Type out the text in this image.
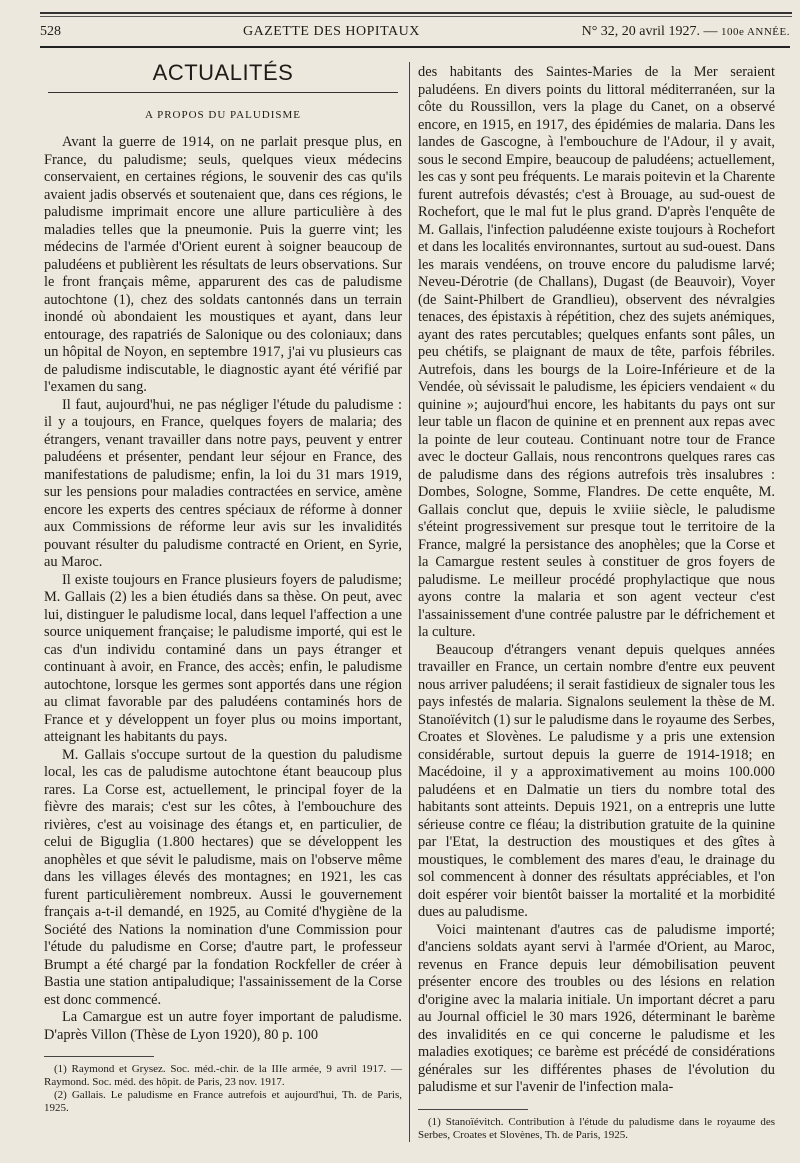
528	GAZETTE DES HOPITAUX	N° 32, 20 avril 1927. — 100e ANNÉE.
ACTUALITÉS
A PROPOS DU PALUDISME

Avant la guerre de 1914, on ne parlait presque plus, en France, du paludisme; seuls, quelques vieux médecins conservaient, en certaines régions, le souvenir des cas qu'ils avaient jadis observés et soutenaient que, dans ces régions, le paludisme imprimait encore une allure particulière à des maladies telles que la pneumonie. Puis la guerre vint; les médecins de l'armée d'Orient eurent à soigner beaucoup de paludéens et publièrent les résultats de leurs observations. Sur le front français même, apparurent des cas de paludisme autochtone (1), chez des soldats cantonnés dans un terrain inondé où abondaient les moustiques et ayant, dans leur entourage, des rapatriés de Salonique ou des coloniaux; dans un hôpital de Noyon, en septembre 1917, j'ai vu plusieurs cas de paludisme indiscutable, le diagnostic ayant été vérifié par l'examen du sang.

Il faut, aujourd'hui, ne pas négliger l'étude du paludisme : il y a toujours, en France, quelques foyers de malaria; des étrangers, venant travailler dans notre pays, peuvent y entrer paludéens et présenter, pendant leur séjour en France, des manifestations de paludisme; enfin, la loi du 31 mars 1919, sur les pensions pour maladies contractées en service, amène encore les experts des centres spéciaux de réforme à donner aux Commissions de réforme leur avis sur les invalidités pouvant résulter du paludisme contracté en Orient, en Syrie, au Maroc.

Il existe toujours en France plusieurs foyers de paludisme; M. Gallais (2) les a bien étudiés dans sa thèse. On peut, avec lui, distinguer le paludisme local, dans lequel l'affection a une source uniquement française; le paludisme importé, qui est le cas d'un individu contaminé dans un pays étranger et continuant à avoir, en France, des accès; enfin, le paludisme autochtone, lorsque les germes sont apportés dans une région au climat favorable par des paludéens contaminés hors de France et y développent un foyer plus ou moins important, atteignant les habitants du pays.

M. Gallais s'occupe surtout de la question du paludisme local, les cas de paludisme autochtone étant beaucoup plus rares. La Corse est, actuellement, le principal foyer de la fièvre des marais; c'est sur les côtes, à l'embouchure des rivières, c'est au voisinage des étangs et, en particulier, de celui de Biguglia (1.800 hectares) que se développent les anophèles et que sévit le paludisme, mais on l'observe même dans les villages élevés des montagnes; en 1921, les cas furent particulièrement nombreux. Aussi le gouvernement français a-t-il demandé, en 1925, au Comité d'hygiène de la Société des Nations la nomination d'une Commission pour l'étude du paludisme en Corse; d'autre part, le professeur Brumpt a été chargé par la fondation Rockfeller de créer à Bastia une station antipaludique; l'assainissement de la Corse est donc commencé.

La Camargue est un autre foyer important de paludisme. D'après Villon (Thèse de Lyon 1920), 80 p. 100

(1) Raymond et Grysez. Soc. méd.-chir. de la IIIe armée, 9 avril 1917. — Raymond. Soc. méd. des hôpit. de Paris, 23 nov. 1917.

(2) Gallais. Le paludisme en France autrefois et aujourd'hui, Th. de Paris, 1925.

des habitants des Saintes-Maries de la Mer seraient paludéens. En divers points du littoral méditerranéen, sur la côte du Roussillon, vers la plage du Canet, on a observé encore, en 1915, en 1917, des épidémies de malaria. Dans les landes de Gascogne, à l'embouchure de l'Adour, il y avait, sous le second Empire, beaucoup de paludéens; actuellement, les cas y sont peu fréquents. Le marais poitevin et la Charente furent autrefois dévastés; c'est à Brouage, au sud-ouest de Rochefort, que le mal fut le plus grand. D'après l'enquête de M. Gallais, l'infection paludéenne existe toujours à Rochefort et dans les localités environnantes, surtout au sud-ouest. Dans les marais vendéens, on trouve encore du paludisme larvé; Neveu-Dérotrie (de Challans), Dugast (de Beauvoir), Voyer (de Saint-Philbert de Grandlieu), observent des névralgies tenaces, des épistaxis à répétition, chez des sujets anémiques, ayant des rates percutables; quelques enfants sont pâles, un peu chétifs, se plaignant de maux de tête, parfois fébriles. Autrefois, dans les bourgs de la Loire-Inférieure et de la Vendée, où sévissait le paludisme, les épiciers vendaient « du quinine »; aujourd'hui encore, les habitants du pays ont sur leur table un flacon de quinine et en prennent aux repas avec la pointe de leur couteau. Continuant notre tour de France avec le docteur Gallais, nous rencontrons quelques rares cas de paludisme dans des régions autrefois très insalubres : Dombes, Sologne, Somme, Flandres. De cette enquête, M. Gallais conclut que, depuis le xviiie siècle, le paludisme s'éteint progressivement sur presque tout le territoire de la France, malgré la persistance des anophèles; que la Corse et la Camargue restent seules à constituer de gros foyers de paludisme. Le meilleur procédé prophylactique que nous ayons contre la malaria et son agent vecteur c'est l'assainissement d'une contrée palustre par le défrichement et la culture.

Beaucoup d'étrangers venant depuis quelques années travailler en France, un certain nombre d'entre eux peuvent nous arriver paludéens; il serait fastidieux de signaler tous les pays infestés de malaria. Signalons seulement la thèse de M. Stanoïévitch (1) sur le paludisme dans le royaume des Serbes, Croates et Slovènes. Le paludisme y a pris une extension considérable, surtout depuis la guerre de 1914-1918; en Macédoine, il y a approximativement au moins 100.000 paludéens et en Dalmatie un tiers du nombre total des habitants sont atteints. Depuis 1921, on a entrepris une lutte sérieuse contre ce fléau; la distribution gratuite de la quinine par l'Etat, la destruction des moustiques et des gîtes à moustiques, le comblement des mares d'eau, le drainage du sol commencent à donner des résultats appréciables, et l'on doit espérer voir bientôt baisser la mortalité et la morbidité dues au paludisme.

Voici maintenant d'autres cas de paludisme importé; d'anciens soldats ayant servi à l'armée d'Orient, au Maroc, revenus en France depuis leur démobilisation peuvent présenter encore des troubles ou des lésions en relation d'origine avec la malaria initiale. Un important décret a paru au Journal officiel le 30 mars 1926, déterminant le barème des invalidités en ce qui concerne le paludisme et les maladies exotiques; ce barème est précédé de considérations générales sur les différentes phases de l'évolution du paludisme et sur l'avenir de l'infection mala-

(1) Stanoïévitch. Contribution à l'étude du paludisme dans le royaume des Serbes, Croates et Slovènes, Th. de Paris, 1925.
